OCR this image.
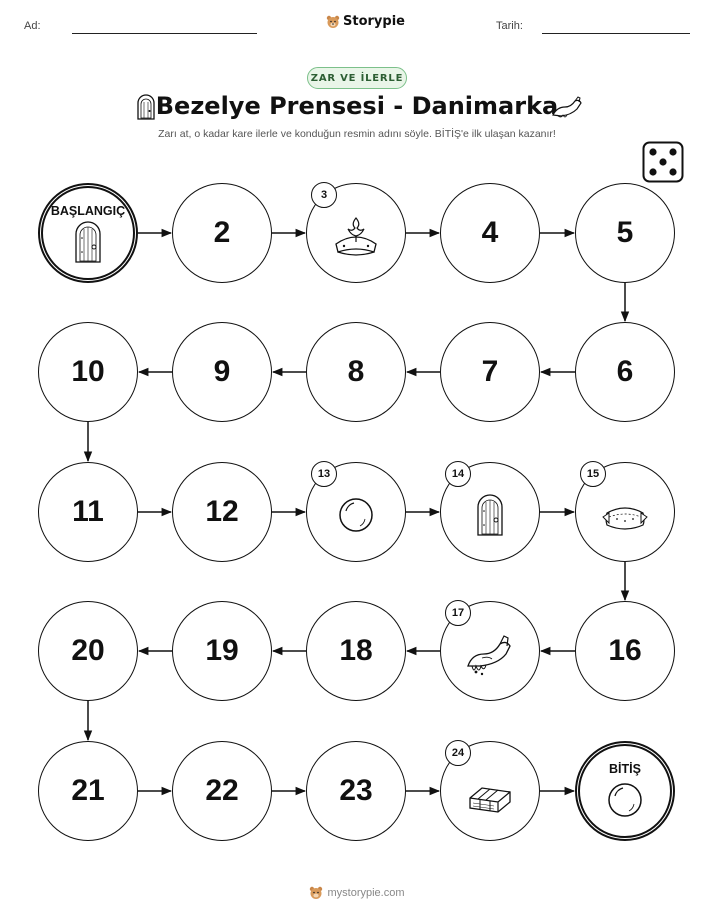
Ad:	Storypie	Tarih:
ZAR VE İLERLE
Bezelye Prensesi - Danimarka
Zarı at, o kadar kare ilerle ve konduğun resmin adını söyle. BİTİŞ'e ilk ulaşan kazanır!
BAŞLANGIÇ
2
3
4	5
6
7
8
9
10
11	12
13	14	15
16
17
18
19
20
21	22	23
24
BİTİŞ
mystorypie.com
